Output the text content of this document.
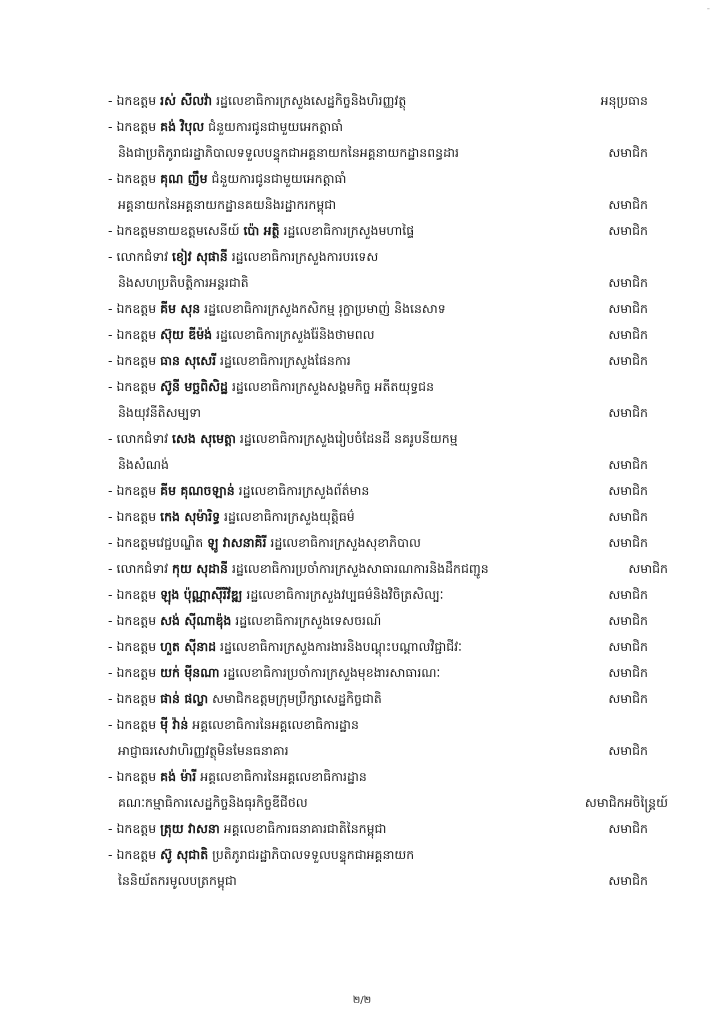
-
- ឯកឧត្តម រស់ សីលវ៉ា រដ្ឋលេខាធិការក្រសួងសេដ្ឋកិច្ចនិងហិរញ្ញវត្ថុ	អនុប្រធាន
- ឯកឧត្តម គង់ វិបុល ជំនួយការជូនជាមួយអេកត្តាធាំ
និងជាប្រតិភូរាជរដ្ឋាភិបាលទទួលបន្ទុកជាអគ្គនាយកនៃអគ្គនាយកដ្ឋានពន្ធដារ	សមាជិក
- ឯកឧត្តម គុណ ញឹម ជំនួយការជូនជាមួយអេកត្តាធាំ
អគ្គនាយកនៃអគ្គនាយកដ្ឋានគយនិងរដ្ឋាករកម្ពុជា	សមាជិក
- ឯកឧត្តមនាយឧត្តមសេនីយ៍ ប៉ោ អត្ថិ រដ្ឋលេខាធិការក្រសួងមហាផ្ទៃ	សមាជិក
- លោកជំទាវ ខៀវ សុផានី រដ្ឋលេខាធិការក្រសួងការបរទេស
និងសហប្រតិបត្តិការអន្តរជាតិ	សមាជិក
- ឯកឧត្តម គីម សុន រដ្ឋលេខាធិការក្រសួងកសិកម្ម រុក្ខាប្រមាញ់ និងនេសាទ	សមាជិក
- ឯកឧត្តម ស៊ុយ ឌីម៉ង់ រដ្ឋលេខាធិការក្រសួងរ៉ែនិងថាមពល	សមាជិក
- ឯកឧត្តម ធាន សុសេរី រដ្ឋលេខាធិការក្រសួងផែនការ	សមាជិក
- ឯកឧត្តម ស៊ូនី មច្ឆពិសិដ្ឋ រដ្ឋលេខាធិការក្រសួងសង្គមកិច្ច អតីតយុទ្ធជន
និងយុវនីតិសម្បទា	សមាជិក
- លោកជំទាវ សេង សុមេត្តា រដ្ឋលេខាធិការក្រសួងរៀបចំដែនដី នគរូបនីយកម្ម
និងសំណង់	សមាជិក
- ឯកឧត្តម គីម គុណចឡាន់ រដ្ឋលេខាធិការក្រសួងព័ត៌មាន	សមាជិក
- ឯកឧត្តម កេង សុម៉ារិទ្ធ រដ្ឋលេខាធិការក្រសួងយុត្តិធម៌	សមាជិក
- ឯកឧត្តមវេជ្ជបណ្ឌិត ឡូ វាសនាគិរី រដ្ឋលេខាធិការក្រសួងសុខាភិបាល	សមាជិក
- លោកជំទាវ កុយ សុដានី រដ្ឋលេខាធិការប្រចាំការក្រសួងសាធារណការនិងដឹកជញ្ជូន	សមាជិក
- ឯកឧត្តម ឡុង ប៉ុណ្ណាស៊ីរីវ័ឌ្ឍ រដ្ឋលេខាធិការក្រសួងវប្បធម៌និងវិចិត្រសិល្បៈ	សមាជិក
- ឯកឧត្តម សង់ ស៊ីណាឌ៉ុង រដ្ឋលេខាធិការក្រសួងទេសចរណ៍	សមាជិក
- ឯកឧត្តម ហួត ស៊ីនាដ រដ្ឋលេខាធិការក្រសួងការងារនិងបណ្តុះបណ្តាលវិជ្ជាជីវៈ	សមាជិក
- ឯកឧត្តម យក់ ម៉ីនណា រដ្ឋលេខាធិការប្រចាំការក្រសួងមុខងារសាធារណៈ	សមាជិក
- ឯកឧត្តម ផាន់ ផល្លា សមាជិកឧត្តមក្រុមប្រឹក្សាសេដ្ឋកិច្ចជាតិ	សមាជិក
- ឯកឧត្តម ម៉ី វ៉ាន់ អគ្គលេខាធិការនៃអគ្គលេខាធិការដ្ឋាន
អាជ្ញាធរសេវាហិរញ្ញវត្ថុមិនមែនធនាគារ	សមាជិក
- ឯកឧត្តម គង់ ម៉ារី អគ្គលេខាធិការនៃអគ្គលេខាធិការដ្ឋាន
គណៈកម្មាធិការសេដ្ឋកិច្ចនិងធុរកិច្ចឌីជីថល	សមាជិកអចិន្ត្រៃយ៍
- ឯកឧត្តម ត្រុយ វាសនា អគ្គលេខាធិការធនាគារជាតិនៃកម្ពុជា	សមាជិក
- ឯកឧត្តម ស៊ូ សុជាតិ ប្រតិភូរាជរដ្ឋាភិបាលទទួលបន្ទុកជាអគ្គនាយក
នៃនិយ័តករមូលបត្រកម្ពុជា	សមាជិក
២/២
